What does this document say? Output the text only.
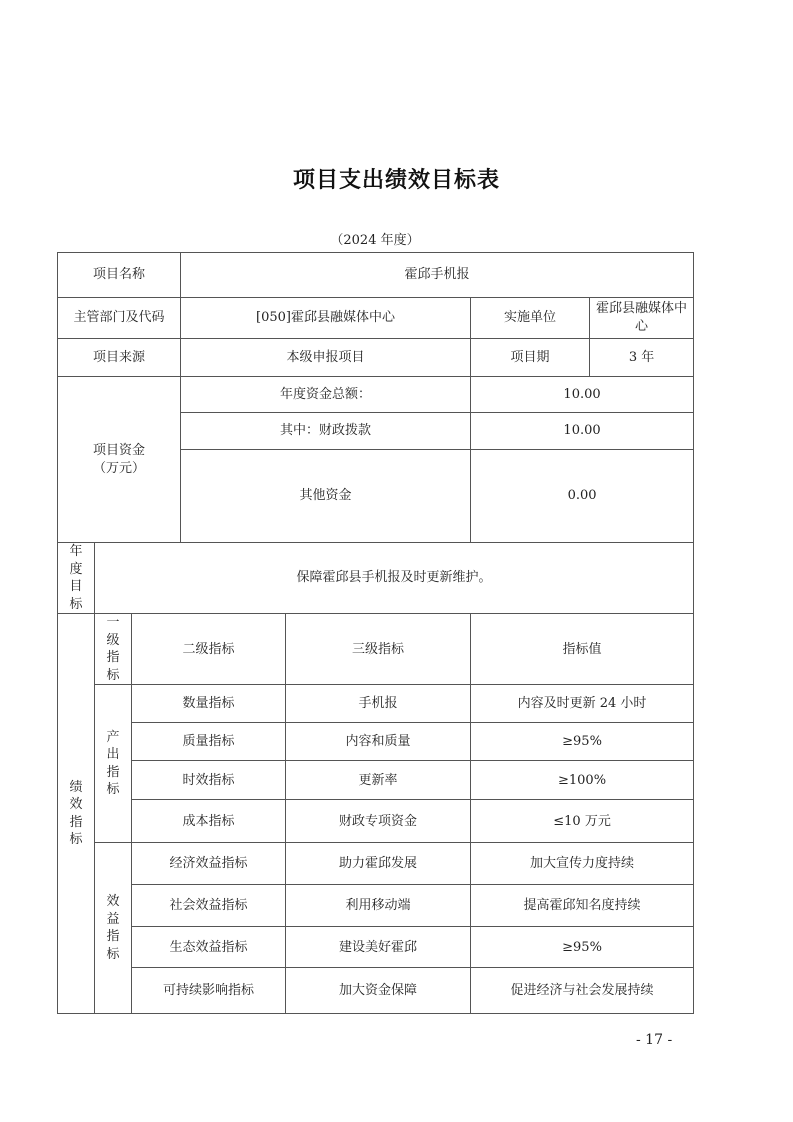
项目支出绩效目标表
（2024 年度）
项目名称			霍邱手机报			
主管部门及代码			[050]霍邱县融媒体中心		实施单位	霍邱县融媒体中心
项目来源			本级申报项目		项目期	3 年

项目资金
（万元）			年度资金总额：		10.00	
			其中：财政拨款		10.00	
			其他资金		0.00	

年
度
目
标	保障霍邱县手机报及时更新维护。					

绩
效
指
标	一
级
指
标	二级指标		三级指标	指标值	

	产
出
指
标	数量指标		手机报	内容及时更新 24 小时	
		质量指标		内容和质量	≥95%	
		时效指标		更新率	≥100%	
		成本指标		财政专项资金	≤10 万元	

	效
益
指
标	经济效益指标		助力霍邱发展	加大宣传力度持续	
		社会效益指标		利用移动端	提高霍邱知名度持续	
		生态效益指标		建设美好霍邱	≥95%	
		可持续影响指标		加大资金保障	促进经济与社会发展持续	
- 17 -
